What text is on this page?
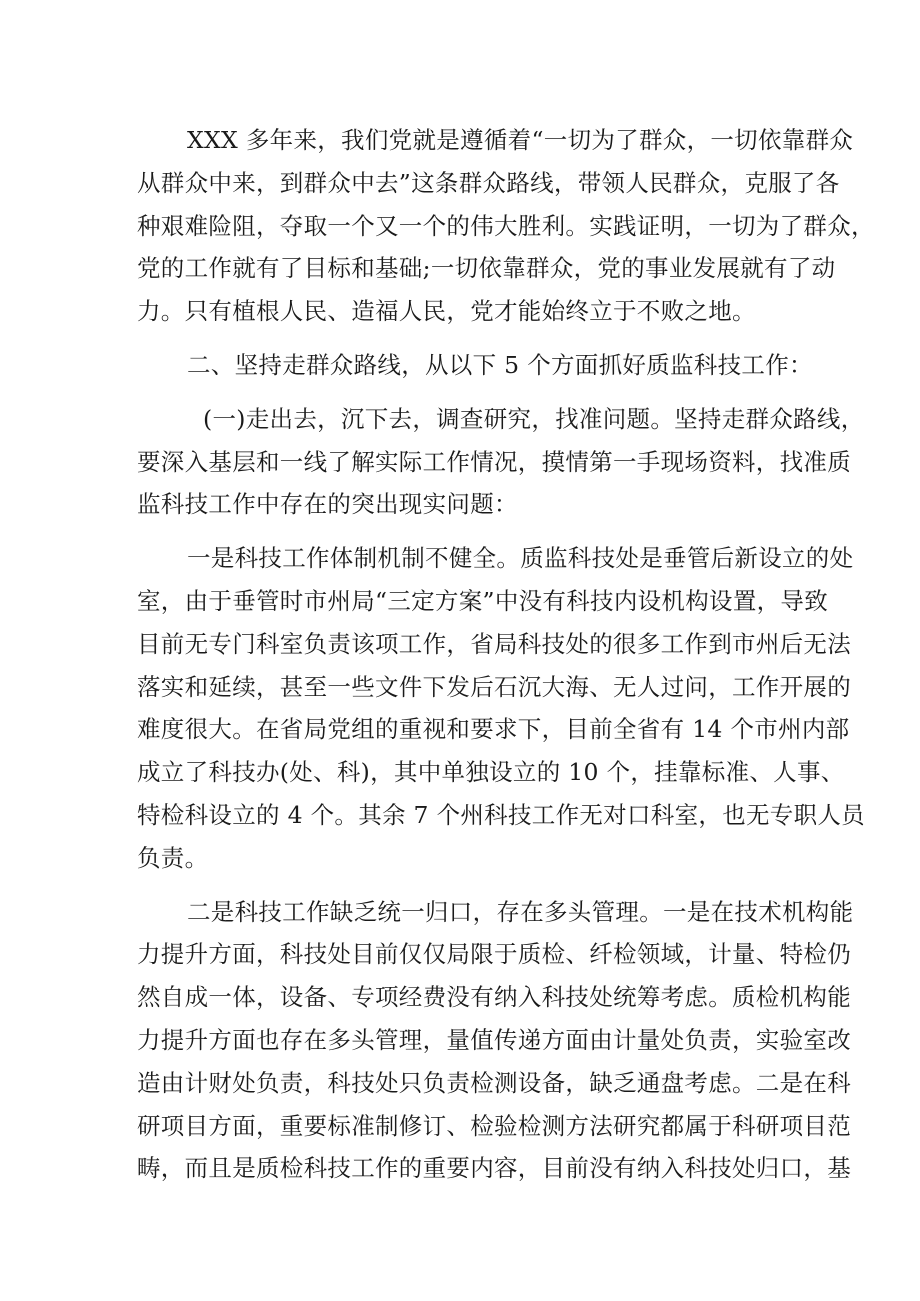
XXX 多年来，我们党就是遵循着“一切为了群众，一切依靠群众
从群众中来，到群众中去”这条群众路线，带领人民群众，克服了各
种艰难险阻，夺取一个又一个的伟大胜利。实践证明，一切为了群众，
党的工作就有了目标和基础;一切依靠群众，党的事业发展就有了动
力。只有植根人民、造福人民，党才能始终立于不败之地。
二、坚持走群众路线，从以下 5 个方面抓好质监科技工作：
(一)走出去，沉下去，调查研究，找准问题。坚持走群众路线，
要深入基层和一线了解实际工作情况，摸情第一手现场资料，找准质
监科技工作中存在的突出现实问题：
一是科技工作体制机制不健全。质监科技处是垂管后新设立的处
室，由于垂管时市州局“三定方案”中没有科技内设机构设置，导致
目前无专门科室负责该项工作，省局科技处的很多工作到市州后无法
落实和延续，甚至一些文件下发后石沉大海、无人过问，工作开展的
难度很大。在省局党组的重视和要求下，目前全省有 14 个市州内部
成立了科技办(处、科)，其中单独设立的 10 个，挂靠标准、人事、
特检科设立的 4 个。其余 7 个州科技工作无对口科室，也无专职人员
负责。
二是科技工作缺乏统一归口，存在多头管理。一是在技术机构能
力提升方面，科技处目前仅仅局限于质检、纤检领域，计量、特检仍
然自成一体，设备、专项经费没有纳入科技处统筹考虑。质检机构能
力提升方面也存在多头管理，量值传递方面由计量处负责，实验室改
造由计财处负责，科技处只负责检测设备，缺乏通盘考虑。二是在科
研项目方面，重要标准制修订、检验检测方法研究都属于科研项目范
畴，而且是质检科技工作的重要内容，目前没有纳入科技处归口，基
